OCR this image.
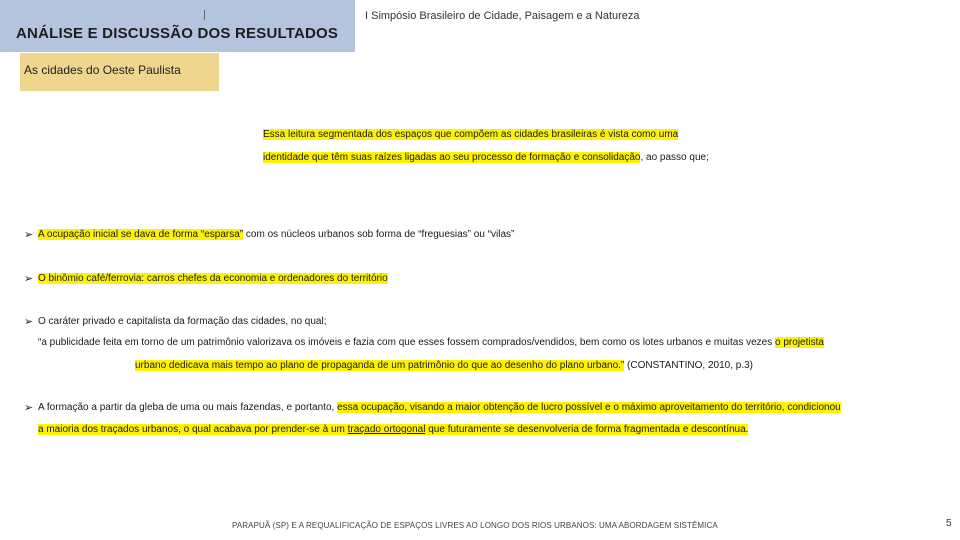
ANÁLISE E DISCUSSÃO DOS RESULTADOS
I Simpósio Brasileiro de Cidade, Paisagem e a Natureza
As cidades do Oeste Paulista
Essa leitura segmentada dos espaços que compõem as cidades brasileiras é vista como uma
identidade que têm suas raízes ligadas ao seu processo de formação e consolidação, ao passo que;
➢ A ocupação inicial se dava de forma “esparsa” com os núcleos urbanos sob forma de “freguesias” ou “vilas”
➢ O binômio café/ferrovia: carros chefes da economia e ordenadores do território
➢ O caráter privado e capitalista da formação das cidades, no qual;
“a publicidade feita em torno de um patrimônio valorizava os imóveis e fazia com que esses fossem comprados/vendidos, bem como os lotes urbanos e muitas vezes o projetista
urbano dedicava mais tempo ao plano de propaganda de um patrimônio do que ao desenho do plano urbano.” (CONSTANTINO, 2010, p.3)
➢ A formação a partir da gleba de uma ou mais fazendas, e portanto, essa ocupação, visando a maior obtenção de lucro possível e o máximo aproveitamento do território, condicionou
a maioria dos traçados urbanos, o qual acabava por prender-se à um traçado ortogonal que futuramente se desenvolveria de forma fragmentada e descontínua.
PARAPUÃ (SP) E A REQUALIFICAÇÃO DE ESPAÇOS LIVRES AO LONGO DOS RIOS URBANOS: UMA ABORDAGEM SISTÊMICA	5
